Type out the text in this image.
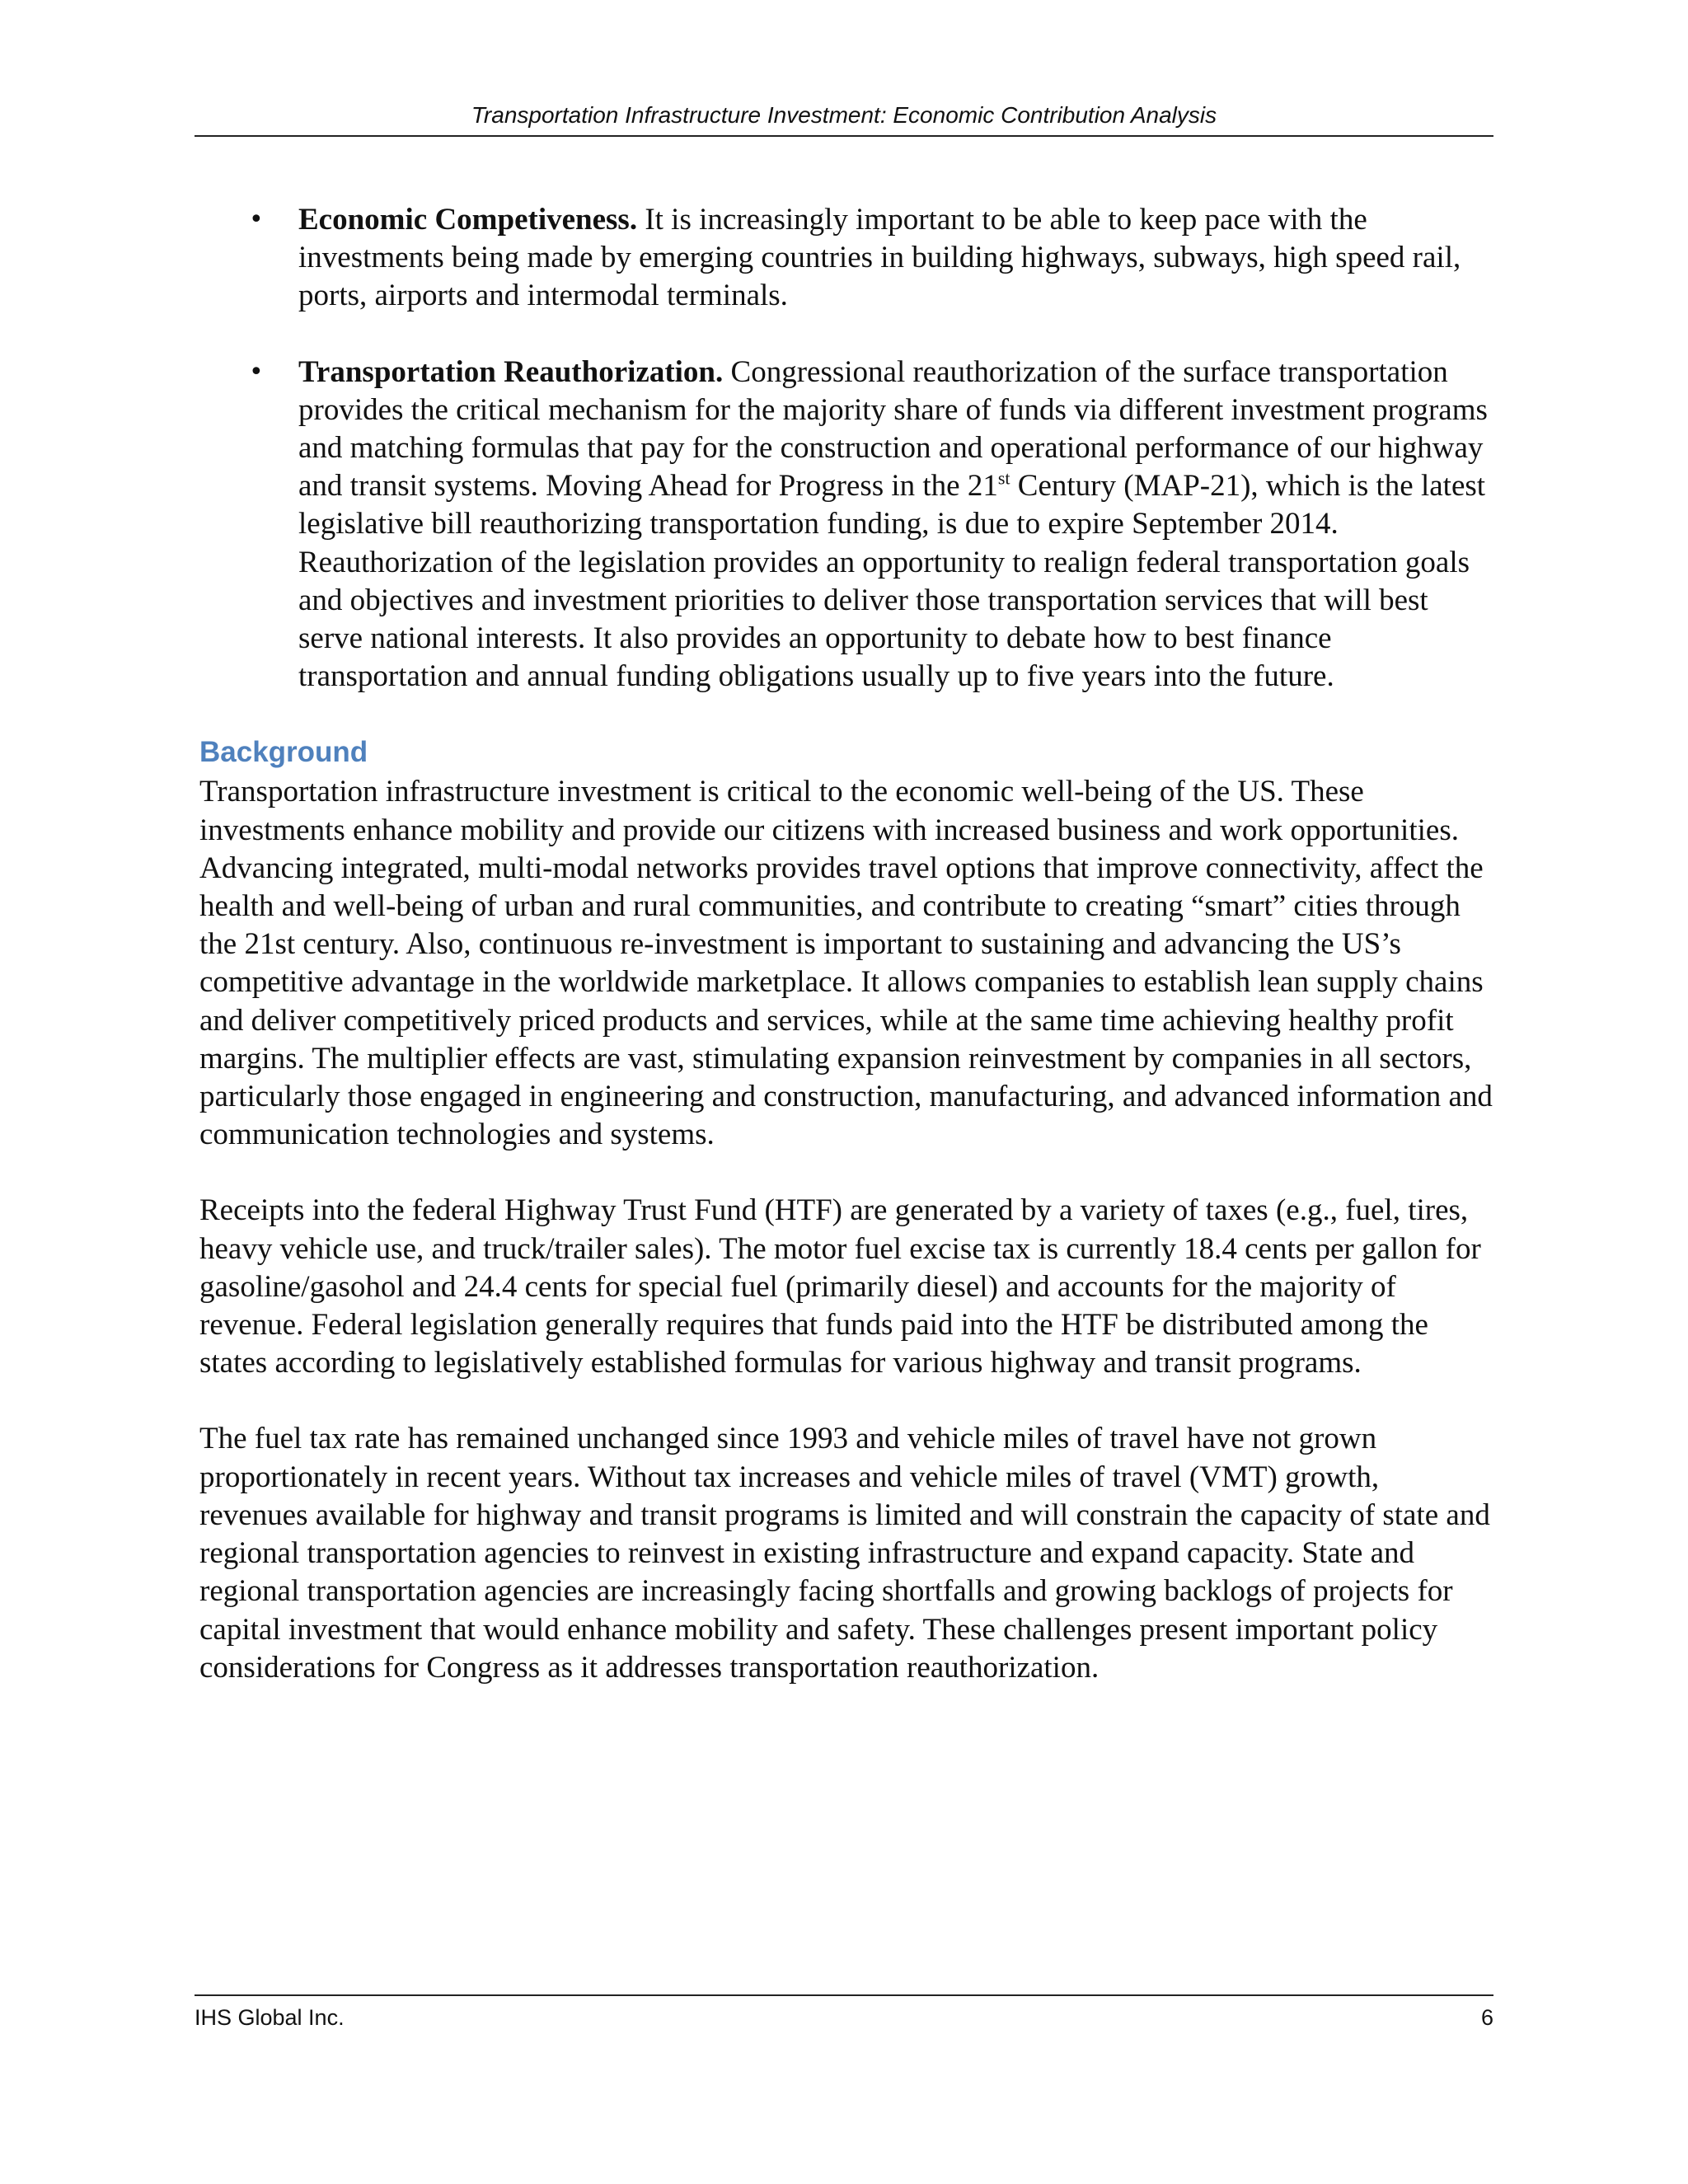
Transportation Infrastructure Investment: Economic Contribution Analysis
• Economic Competiveness. It is increasingly important to be able to keep pace with the investments being made by emerging countries in building highways, subways, high speed rail, ports, airports and intermodal terminals.
• Transportation Reauthorization. Congressional reauthorization of the surface transportation provides the critical mechanism for the majority share of funds via different investment programs and matching formulas that pay for the construction and operational performance of our highway and transit systems. Moving Ahead for Progress in the 21st Century (MAP-21), which is the latest legislative bill reauthorizing transportation funding, is due to expire September 2014. Reauthorization of the legislation provides an opportunity to realign federal transportation goals and objectives and investment priorities to deliver those transportation services that will best serve national interests. It also provides an opportunity to debate how to best finance transportation and annual funding obligations usually up to five years into the future.
Background

Transportation infrastructure investment is critical to the economic well-being of the US. These investments enhance mobility and provide our citizens with increased business and work opportunities. Advancing integrated, multi-modal networks provides travel options that improve connectivity, affect the health and well-being of urban and rural communities, and contribute to creating “smart” cities through the 21st century. Also, continuous re-investment is important to sustaining and advancing the US’s competitive advantage in the worldwide marketplace. It allows companies to establish lean supply chains and deliver competitively priced products and services, while at the same time achieving healthy profit margins. The multiplier effects are vast, stimulating expansion reinvestment by companies in all sectors, particularly those engaged in engineering and construction, manufacturing, and advanced information and communication technologies and systems.

Receipts into the federal Highway Trust Fund (HTF) are generated by a variety of taxes (e.g., fuel, tires, heavy vehicle use, and truck/trailer sales). The motor fuel excise tax is currently 18.4 cents per gallon for gasoline/gasohol and 24.4 cents for special fuel (primarily diesel) and accounts for the majority of revenue. Federal legislation generally requires that funds paid into the HTF be distributed among the states according to legislatively established formulas for various highway and transit programs.

The fuel tax rate has remained unchanged since 1993 and vehicle miles of travel have not grown proportionately in recent years. Without tax increases and vehicle miles of travel (VMT) growth, revenues available for highway and transit programs is limited and will constrain the capacity of state and regional transportation agencies to reinvest in existing infrastructure and expand capacity. State and regional transportation agencies are increasingly facing shortfalls and growing backlogs of projects for capital investment that would enhance mobility and safety. These challenges present important policy considerations for Congress as it addresses transportation reauthorization.

IHS Global Inc.	6
